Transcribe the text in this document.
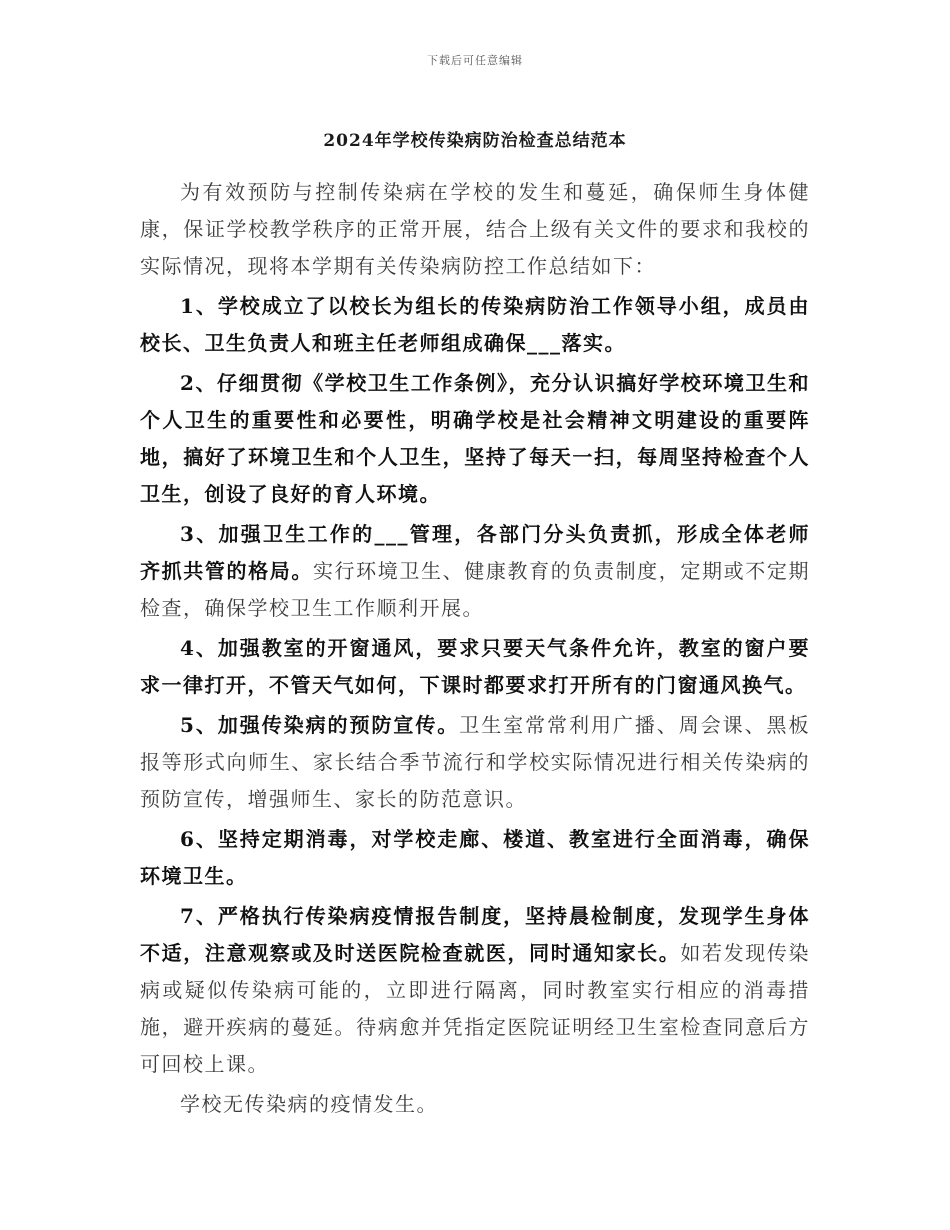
下载后可任意编辑
2024年学校传染病防治检查总结范本

为有效预防与控制传染病在学校的发生和蔓延，确保师生身体健康，保证学校教学秩序的正常开展，结合上级有关文件的要求和我校的实际情况，现将本学期有关传染病防控工作总结如下：

1、学校成立了以校长为组长的传染病防治工作领导小组，成员由校长、卫生负责人和班主任老师组成确保___落实。

2、仔细贯彻《学校卫生工作条例》，充分认识搞好学校环境卫生和个人卫生的重要性和必要性，明确学校是社会精神文明建设的重要阵地，搞好了环境卫生和个人卫生，坚持了每天一扫，每周坚持检查个人卫生，创设了良好的育人环境。

3、加强卫生工作的___管理，各部门分头负责抓，形成全体老师齐抓共管的格局。实行环境卫生、健康教育的负责制度，定期或不定期检查，确保学校卫生工作顺利开展。

4、加强教室的开窗通风，要求只要天气条件允许，教室的窗户要求一律打开，不管天气如何，下课时都要求打开所有的门窗通风换气。

5、加强传染病的预防宣传。卫生室常常利用广播、周会课、黑板报等形式向师生、家长结合季节流行和学校实际情况进行相关传染病的预防宣传，增强师生、家长的防范意识。

6、坚持定期消毒，对学校走廊、楼道、教室进行全面消毒，确保环境卫生。

7、严格执行传染病疫情报告制度，坚持晨检制度，发现学生身体不适，注意观察或及时送医院检查就医，同时通知家长。如若发现传染病或疑似传染病可能的，立即进行隔离，同时教室实行相应的消毒措施，避开疾病的蔓延。待病愈并凭指定医院证明经卫生室检查同意后方可回校上课。

学校无传染病的疫情发生。
